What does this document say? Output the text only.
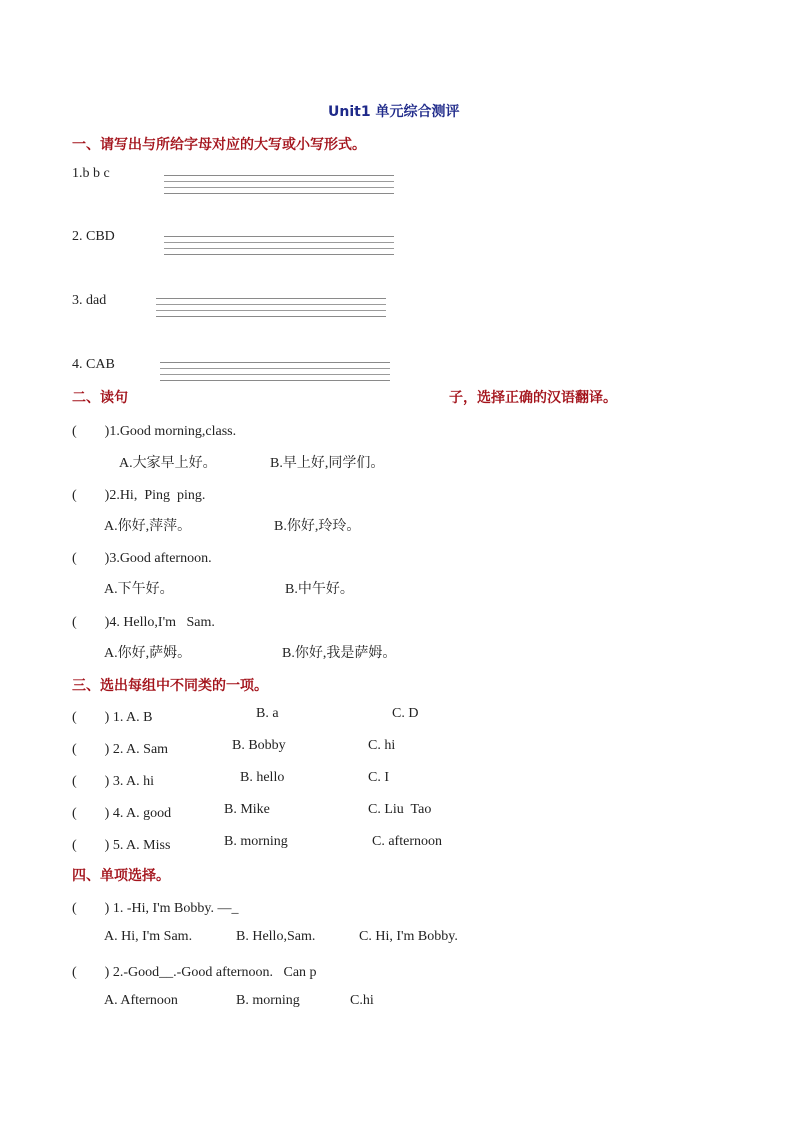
Unit1 单元综合测评
一、请写出与所给字母对应的大写或小写形式。
1.b b c
2. CBD
3. dad
4. CAB
二、读句	子，选择正确的汉语翻译。
(　　)1.Good morning,class.
A.大家早上好。	B.早上好,同学们。
(　　)2.Hi,  Ping  ping.
A.你好,萍萍。	B.你好,玲玲。
(　　)3.Good afternoon.
A.下午好。	B.中午好。
(　　)4. Hello,I'm   Sam.
A.你好,萨姆。	B.你好,我是萨姆。
三、选出每组中不同类的一项。
(　　) 1. A. B	B. a	C. D
(　　) 2. A. Sam	B. Bobby	C. hi
(　　) 3. A. hi	B. hello	C. I
(　　) 4. A. good	B. Mike	C. Liu  Tao
(　　) 5. A. Miss	B. morning	C. afternoon
四、单项选择。
(　　) 1. -Hi, I'm Bobby. —_
A. Hi, I'm Sam.	B. Hello,Sam.	C. Hi, I'm Bobby.
(　　) 2.-Good__.-Good afternoon.   Can p
A. Afternoon	B. morning	C.hi
